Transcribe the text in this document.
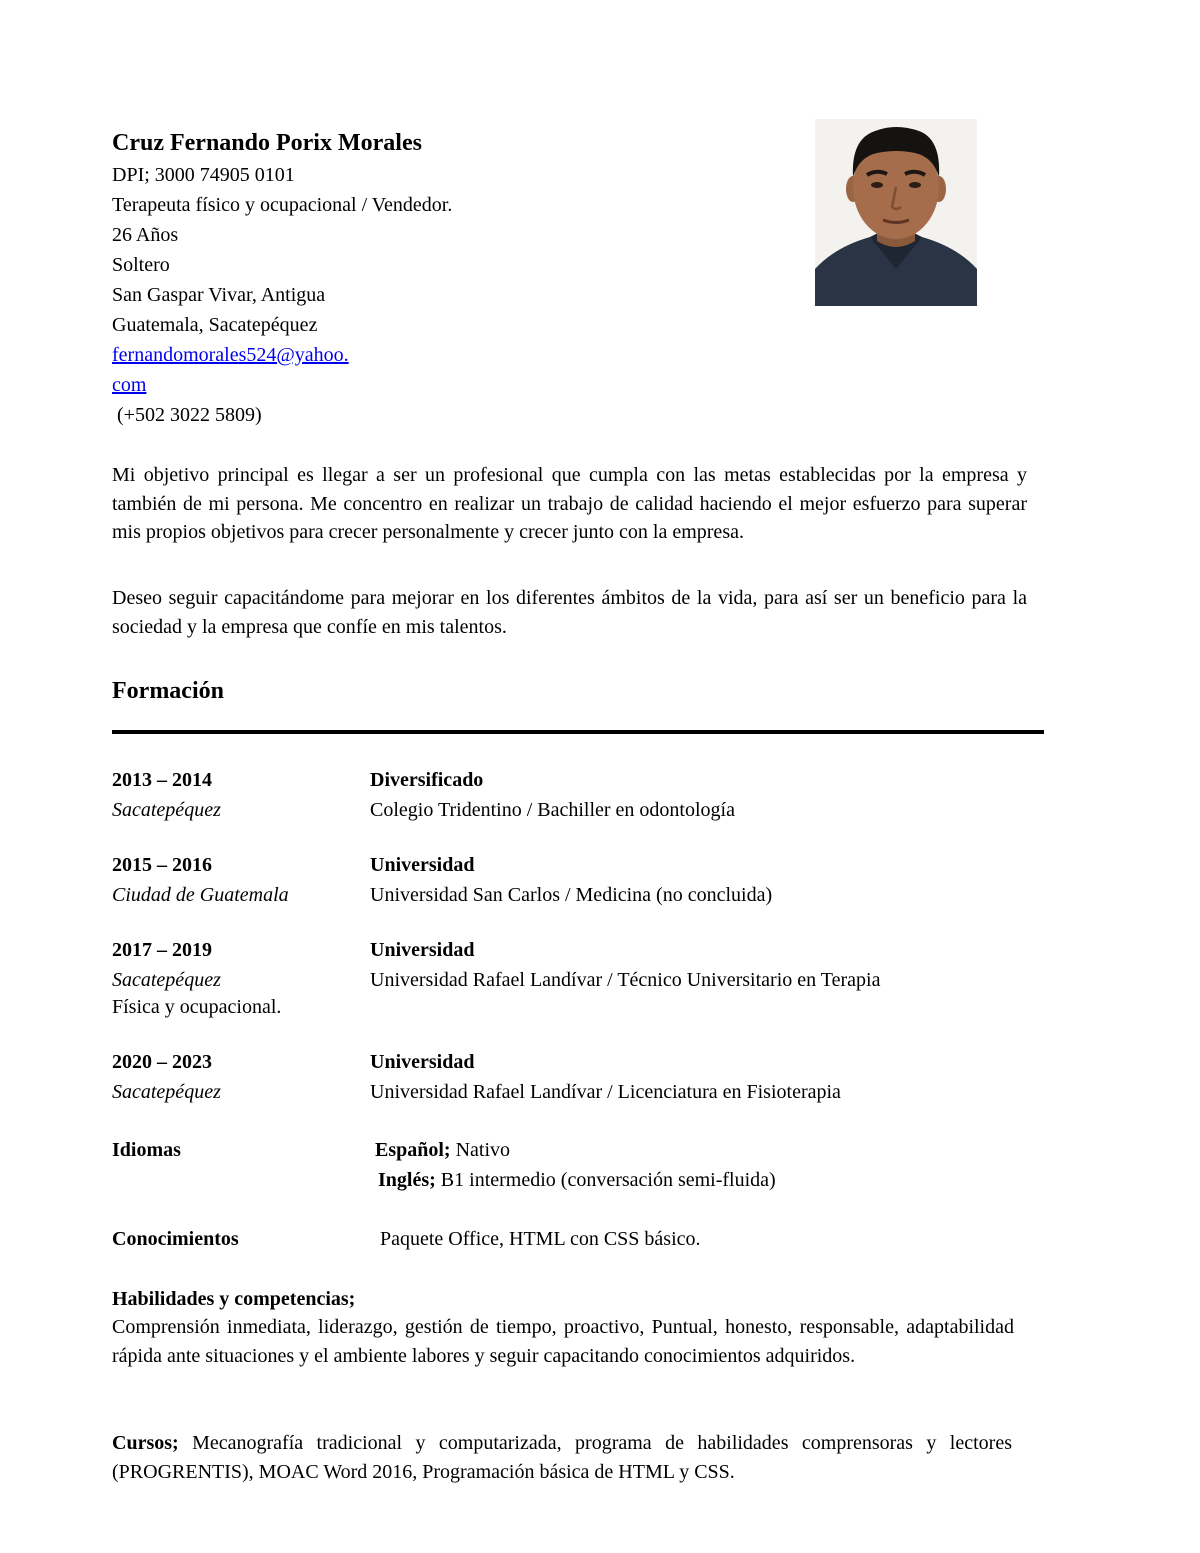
Cruz Fernando Porix Morales
DPI; 3000 74905 0101
Terapeuta físico y ocupacional / Vendedor.
26 Años
Soltero
San Gaspar Vivar, Antigua
Guatemala, Sacatepéquez
fernandomorales524@yahoo.
com
(+502 3022 5809)
Mi objetivo principal es llegar a ser un profesional que cumpla con las metas establecidas por la empresa y también de mi persona. Me concentro en realizar un trabajo de calidad haciendo el mejor esfuerzo para superar mis propios objetivos para crecer personalmente y crecer junto con la empresa.
Deseo seguir capacitándome para mejorar en los diferentes ámbitos de la vida, para así ser un beneficio para la sociedad y la empresa que confíe en mis talentos.
Formación
2013 – 2014
Sacatepéquez
Diversificado
Colegio Tridentino / Bachiller en odontología
2015 – 2016
Ciudad de Guatemala
Universidad
Universidad San Carlos / Medicina (no concluida)
2017 – 2019
Sacatepéquez
Universidad
Universidad Rafael Landívar / Técnico Universitario en Terapia
Física y ocupacional.
2020 – 2023
Sacatepéquez
Universidad
Universidad Rafael Landívar / Licenciatura en Fisioterapia
Idiomas	Español; Nativo
Inglés; B1 intermedio (conversación semi-fluida)
Conocimientos	Paquete Office, HTML con CSS básico.
Habilidades y competencias;
Comprensión inmediata, liderazgo, gestión de tiempo, proactivo, Puntual, honesto, responsable, adaptabilidad rápida ante situaciones y el ambiente labores y seguir capacitando conocimientos adquiridos.
Cursos; Mecanografía tradicional y computarizada, programa de habilidades comprensoras y lectores (PROGRENTIS), MOAC Word 2016, Programación básica de HTML y CSS.
